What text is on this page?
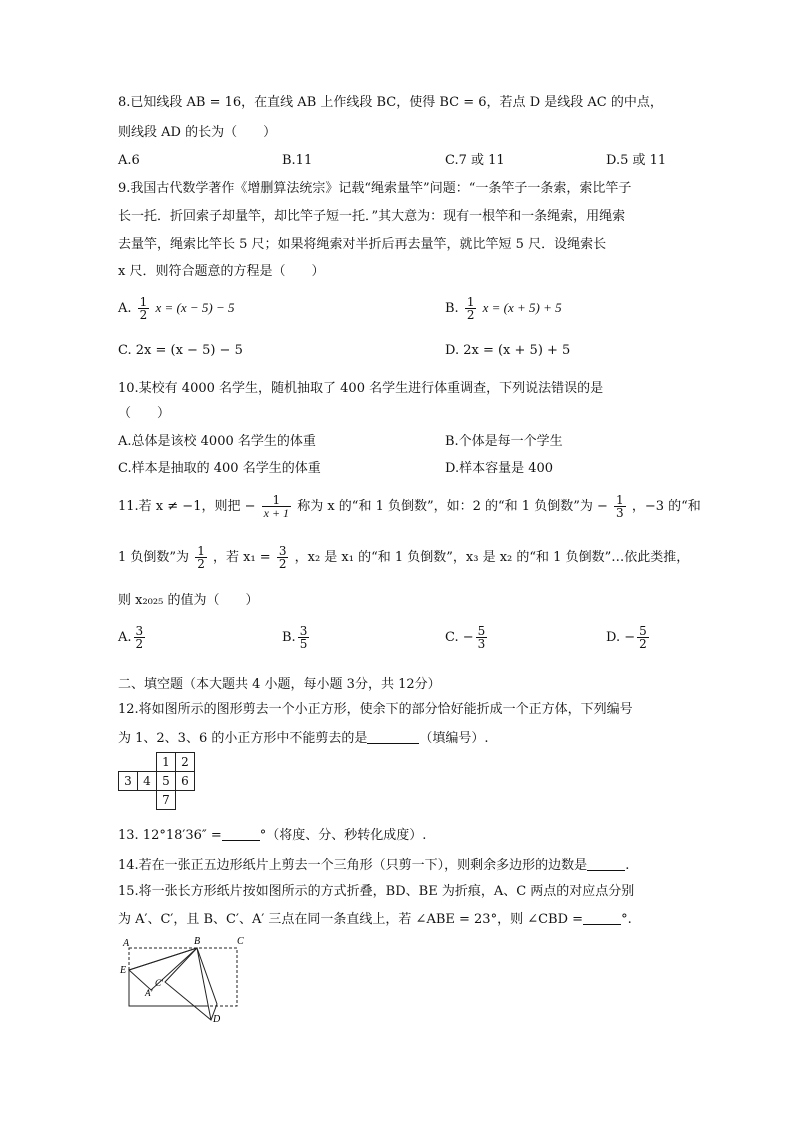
8.已知线段 AB = 16，在直线 AB 上作线段 BC，使得 BC = 6，若点 D 是线段 AC 的中点，
则线段 AD 的长为（　　）
A.6	B.11	C.7 或 11	D.5 或 11
9.我国古代数学著作《增删算法统宗》记载“绳索量竿”问题：“一条竿子一条索，索比竿子
长一托．折回索子却量竿，却比竿子短一托．”其大意为：现有一根竿和一条绳索，用绳索
去量竿，绳索比竿长 5 尺；如果将绳索对半折后再去量竿，就比竿短 5 尺．设绳索长
x 尺．则符合题意的方程是（　　）
A. $\frac{1}{2}$ x = (x − 5) − 5	B. $\frac{1}{2}$ x = (x + 5) + 5
C. 2x = (x − 5) − 5	D. 2x = (x + 5) + 5
10.某校有 4000 名学生，随机抽取了 400 名学生进行体重调查，下列说法错误的是
（　　）
A.总体是该校 4000 名学生的体重	B.个体是每一个学生
C.样本是抽取的 400 名学生的体重	D.样本容量是 400
11.若 x ≠ −1，则把 − $\frac{1}{x + 1}$ 称为 x 的“和 1 负倒数”，如：2 的“和 1 负倒数”为 − $\frac{1}{3}$ ，−3 的“和
1 负倒数”为 $\frac{1}{2}$ ，若 $x_1 = \frac{3}{2}$ ，x₂ 是 x₁ 的“和 1 负倒数”，x₃ 是 x₂ 的“和 1 负倒数”…依此类推，
则 x₂₀₂₅ 的值为（　　）
A. $\frac{3}{2}$	B. $\frac{3}{5}$	C. − $\frac{5}{3}$	D. − $\frac{5}{2}$
二、填空题（本大题共 4 小题，每小题 3分，共 12分）
12.将如图所示的图形剪去一个小正方形，使余下的部分恰好能折成一个正方体，下列编号
为 1、2、3、6 的小正方形中不能剪去的是	（填编号）.
		1	2
3	4	5	6
		7	
13. 12°18′36″ =	°（将度、分、秒转化成度）.
14.若在一张正五边形纸片上剪去一个三角形（只剪一下），则剩余多边形的边数是	.
15.将一张长方形纸片按如图所示的方式折叠，BD、BE 为折痕，A、C 两点的对应点分别
为 A′、C′，且 B、C′、A′ 三点在同一条直线上，若 ∠ABE = 23°，则 ∠CBD =	°.
A	B	C
E
C′
A′
D
